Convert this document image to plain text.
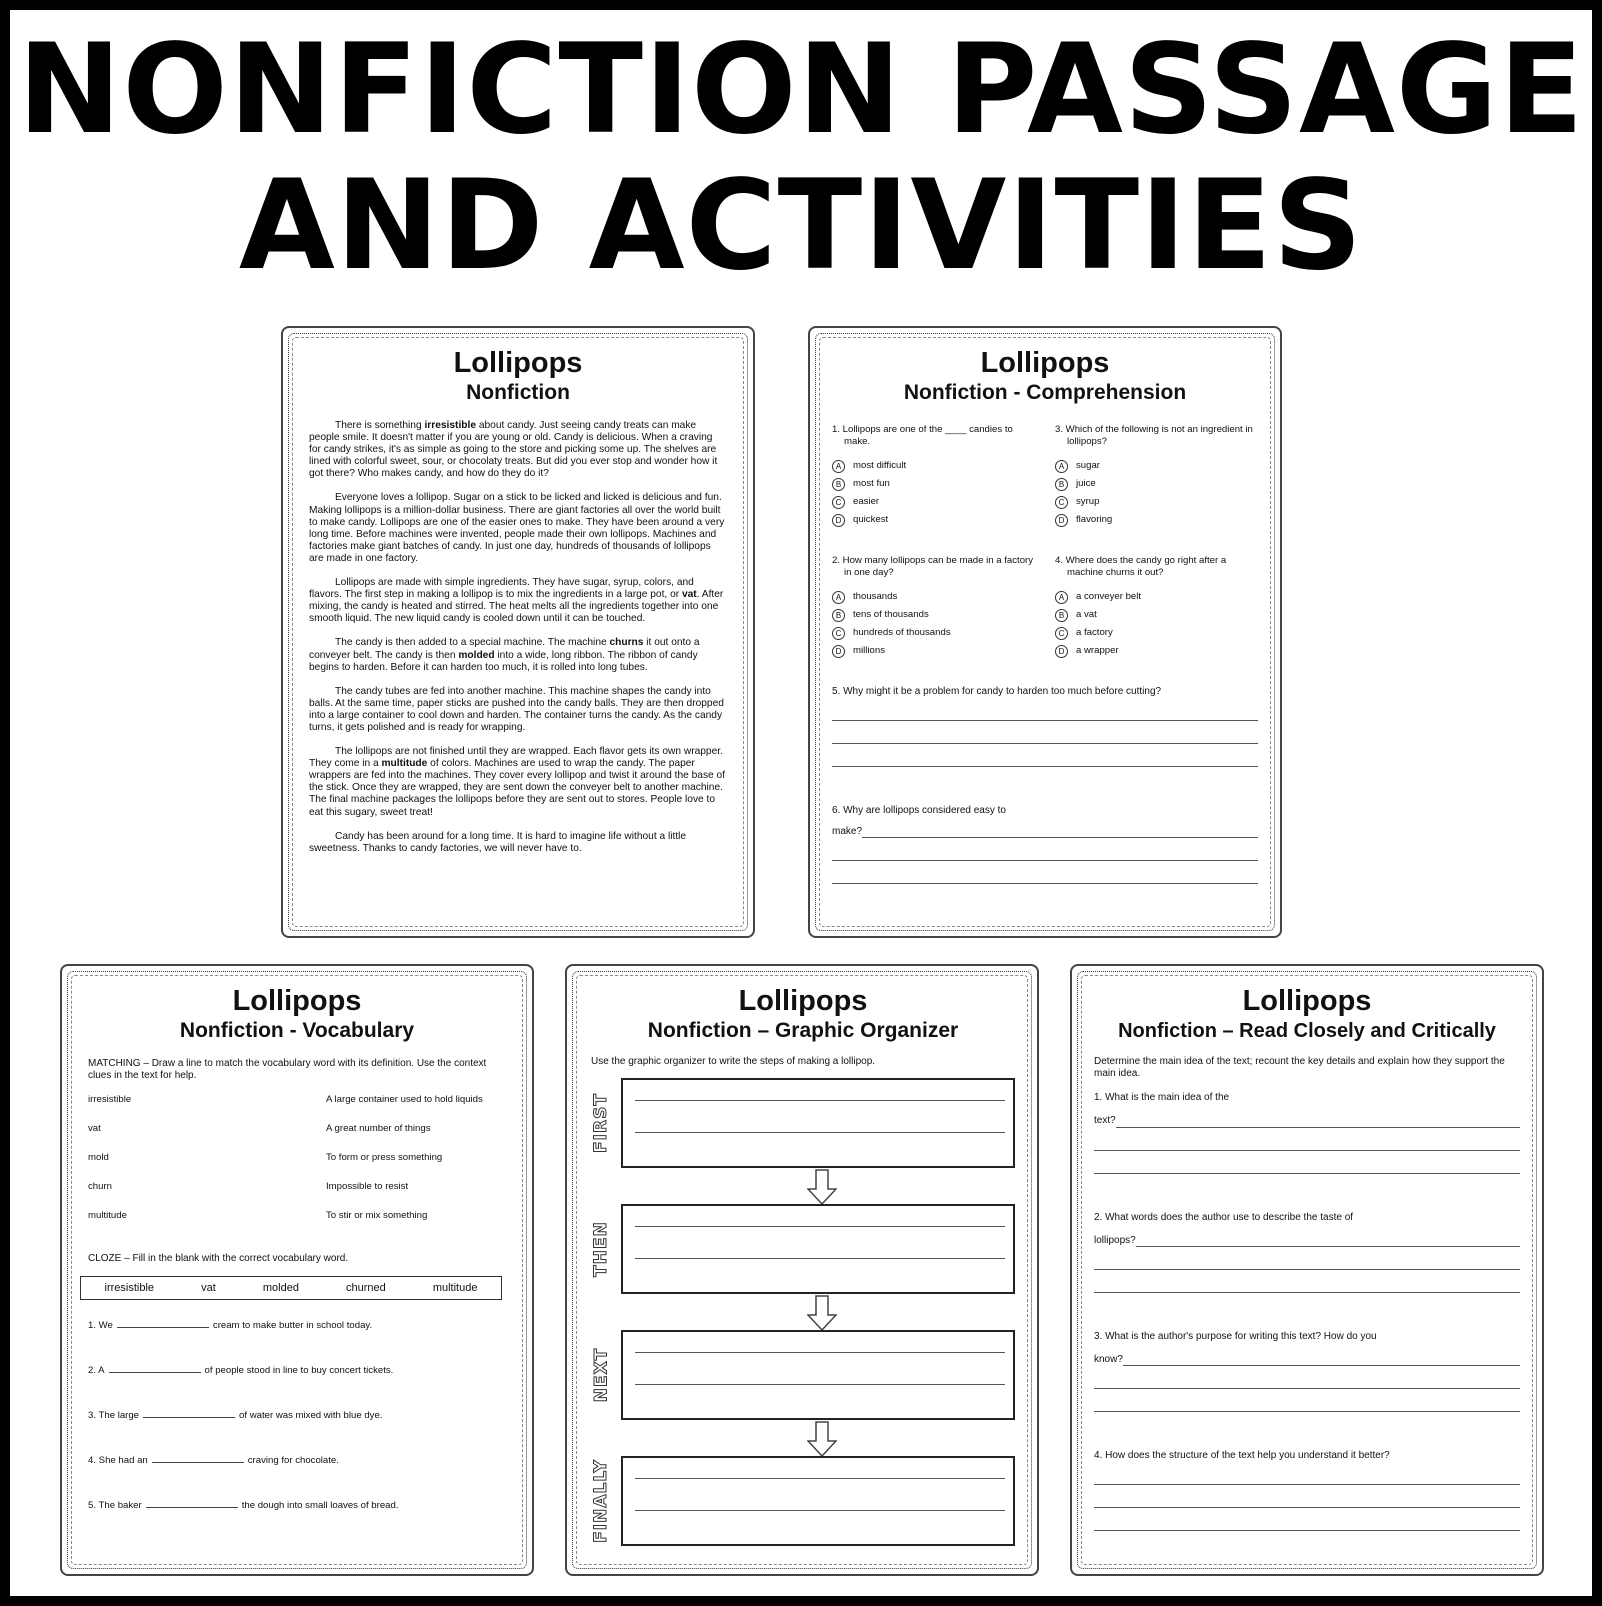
NONFICTION PASSAGE
AND ACTIVITIES
Lollipops
Nonfiction

There is something irresistible about candy. Just seeing candy treats can make people smile. It doesn't matter if you are young or old. Candy is delicious. When a craving for candy strikes, it's as simple as going to the store and picking some up. The shelves are lined with colorful sweet, sour, or chocolaty treats. But did you ever stop and wonder how it got there? Who makes candy, and how do they do it?

Everyone loves a lollipop. Sugar on a stick to be licked and licked is delicious and fun. Making lollipops is a million-dollar business. There are giant factories all over the world built to make candy. Lollipops are one of the easier ones to make. They have been around a very long time. Before machines were invented, people made their own lollipops. Machines and factories make giant batches of candy. In just one day, hundreds of thousands of lollipops are made in one factory.

Lollipops are made with simple ingredients. They have sugar, syrup, colors, and flavors. The first step in making a lollipop is to mix the ingredients in a large pot, or vat. After mixing, the candy is heated and stirred. The heat melts all the ingredients together into one smooth liquid. The new liquid candy is cooled down until it can be touched.

The candy is then added to a special machine. The machine churns it out onto a conveyer belt. The candy is then molded into a wide, long ribbon. The ribbon of candy begins to harden. Before it can harden too much, it is rolled into long tubes.

The candy tubes are fed into another machine. This machine shapes the candy into balls. At the same time, paper sticks are pushed into the candy balls. They are then dropped into a large container to cool down and harden. The container turns the candy. As the candy turns, it gets polished and is ready for wrapping.

The lollipops are not finished until they are wrapped. Each flavor gets its own wrapper. They come in a multitude of colors. Machines are used to wrap the candy. The paper wrappers are fed into the machines. They cover every lollipop and twist it around the base of the stick. Once they are wrapped, they are sent down the conveyer belt to another machine. The final machine packages the lollipops before they are sent out to stores. People love to eat this sugary, sweet treat!

Candy has been around for a long time. It is hard to imagine life without a little sweetness. Thanks to candy factories, we will never have to.

Lollipops
Nonfiction - Comprehension
1. Lollipops are one of the ____ candies to make.
A	most difficult
B	most fun
C	easier
D	quickest
3. Which of the following is not an ingredient in lollipops?
A	sugar
B	juice
C	syrup
D	flavoring
2. How many lollipops can be made in a factory in one day?
A	thousands
B	tens of thousands
C	hundreds of thousands
D	millions
4. Where does the candy go right after a machine churns it out?
A	a conveyer belt
B	a vat
C	a factory
D	a wrapper
5. Why might it be a problem for candy to harden too much before cutting?
6. Why are lollipops considered easy to
make?
Lollipops
Nonfiction - Vocabulary
MATCHING – Draw a line to match the vocabulary word with its definition. Use the context clues in the text for help.
irresistible	A large container used to hold liquids
vat	A great number of things
mold	To form or press something
churn	Impossible to resist
multitude	To stir or mix something
CLOZE – Fill in the blank with the correct vocabulary word.
irresistible	vat	molded	churned	multitude
1. We	cream to make butter in school today.
2. A	of people stood in line to buy concert tickets.
3. The large	of water was mixed with blue dye.
4. She had an	craving for chocolate.
5. The baker	the dough into small loaves of bread.
Lollipops
Nonfiction – Graphic Organizer
Use the graphic organizer to write the steps of making a lollipop.
FIRST
THEN
NEXT
FINALLY
Lollipops
Nonfiction – Read Closely and Critically
Determine the main idea of the text; recount the key details and explain how they support the main idea.
1. What is the main idea of the
text?
2. What words does the author use to describe the taste of
lollipops?
3. What is the author's purpose for writing this text? How do you
know?
4. How does the structure of the text help you understand it better?
